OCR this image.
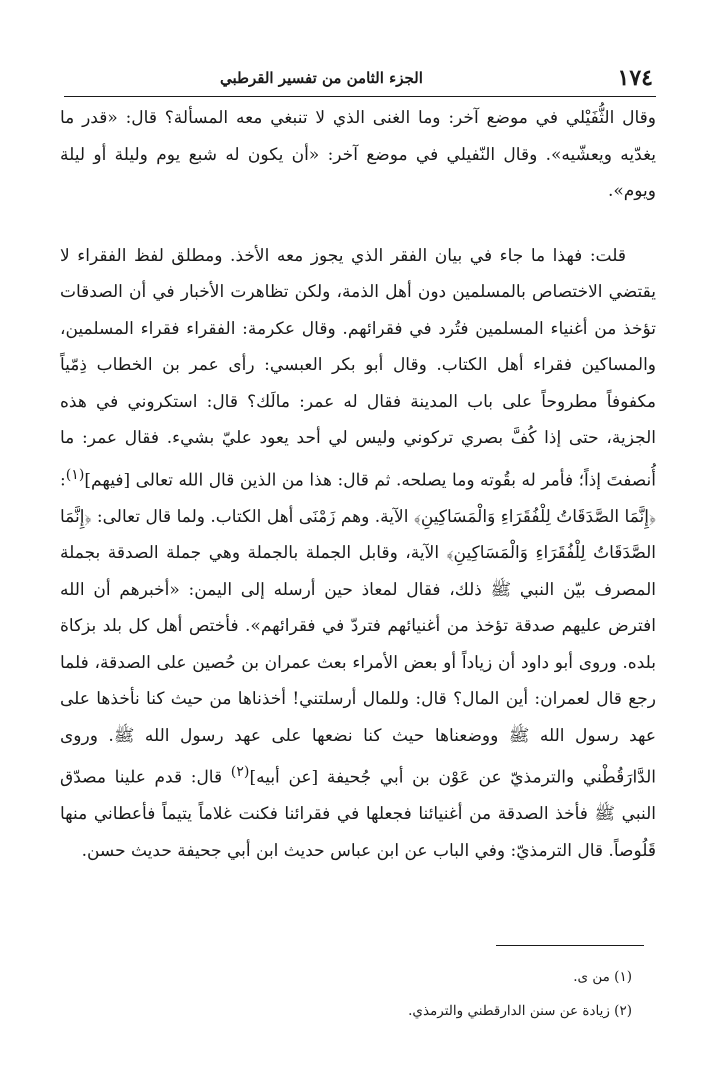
الجزء الثامن من تفسير القرطبي	١٧٤

وقال الثُّفَيْلي في موضع آخر: وما الغنى الذي لا تنبغي معه المسألة؟ قال: «قدر ما يغدّيه ويعشّيه». وقال النّفيلي في موضع آخر: «أن يكون له شبع يوم وليلة أو ليلة ويوم».

قلت: فهذا ما جاء في بيان الفقر الذي يجوز معه الأخذ. ومطلق لفظ الفقراء لا يقتضي الاختصاص بالمسلمين دون أهل الذمة، ولكن تظاهرت الأخبار في أن الصدقات تؤخذ من أغنياء المسلمين فتُرد في فقرائهم. وقال عكرمة: الفقراء فقراء المسلمين، والمساكين فقراء أهل الكتاب. وقال أبو بكر العبسي: رأى عمر بن الخطاب ذِمّياً مكفوفاً مطروحاً على باب المدينة فقال له عمر: مالَك؟ قال: استكروني في هذه الجزية، حتى إذا كُفَّ بصري تركوني وليس لي أحد يعود عليّ بشيء. فقال عمر: ما أُنصفتَ إذاً؛ فأمر له بقُوته وما يصلحه. ثم قال: هذا من الذين قال الله تعالى [فيهم]$^{(١)}$: ﴿إِنَّمَا الصَّدَقَاتُ لِلْفُقَرَاءِ وَالْمَسَاكِينِ﴾ الآية. وهم زَمْنَى أهل الكتاب. ولما قال تعالى: ﴿إِنَّمَا الصَّدَقَاتُ لِلْفُقَرَاءِ وَالْمَسَاكِينِ﴾ الآية، وقابل الجملة بالجملة وهي جملة الصدقة بجملة المصرف بيّن النبي ﷺ ذلك، فقال لمعاذ حين أرسله إلى اليمن: «أخبرهم أن الله افترض عليهم صدقة تؤخذ من أغنيائهم فتردّ في فقرائهم». فأختص أهل كل بلد بزكاة بلده. وروى أبو داود أن زياداً أو بعض الأمراء بعث عمران بن حُصين على الصدقة، فلما رجع قال لعمران: أين المال؟ قال: وللمال أرسلتني! أخذناها من حيث كنا نأخذها على عهد رسول الله ﷺ ووضعناها حيث كنا نضعها على عهد رسول الله ﷺ. وروى الدَّارَقُطْني والترمذيّ عن عَوْن بن أبي جُحيفة [عن أبيه]$^{(٢)}$ قال: قدم علينا مصدّق النبي ﷺ فأخذ الصدقة من أغنيائنا فجعلها في فقرائنا فكنت غلاماً يتيماً فأعطاني منها قَلُوصاً. قال الترمذيّ: وفي الباب عن ابن عباس حديث ابن أبي جحيفة حديث حسن.

(١) من ى.

(٢) زيادة عن سنن الدارقطني والترمذي.
